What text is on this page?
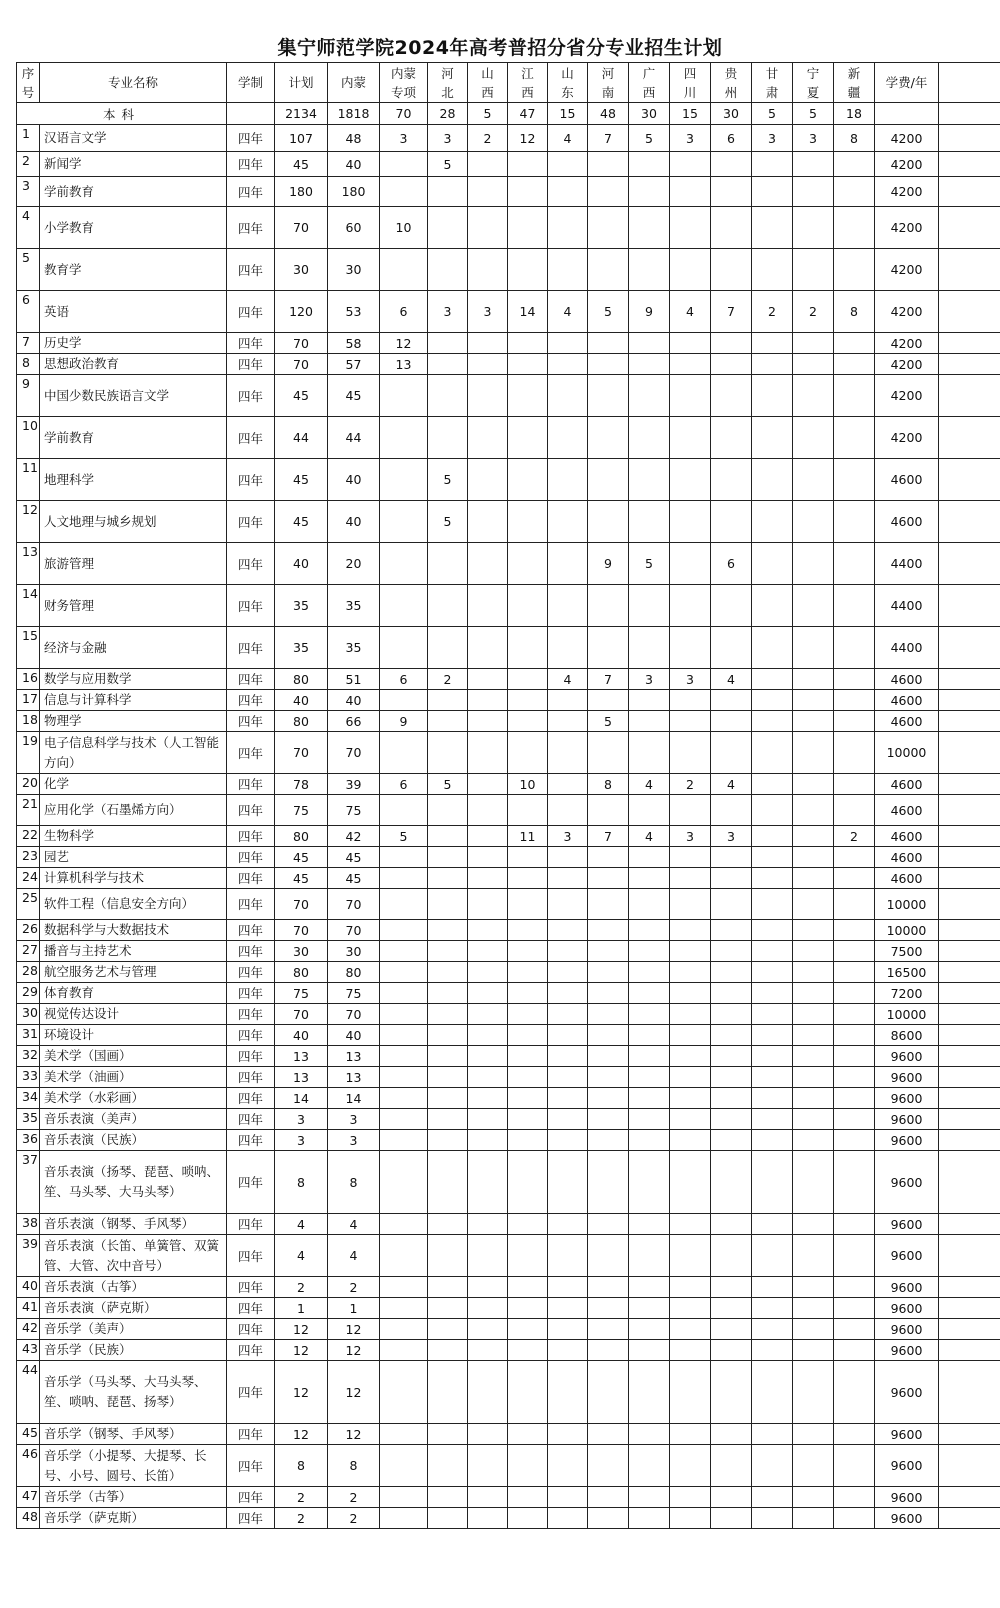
集宁师范学院2024年高考普招分省分专业招生计划
序号	专业名称	学制	计划	内蒙	内蒙专项	河北	山西	江西	山东	河南	广西	四川	贵州	甘肃	宁夏	新疆	学费/年	
本科			2134	1818	70	28	5	47	15	48	30	15	30	5	5	18		
1	汉语言文学	四年	107	48	3	3	2	12	4	7	5	3	6	3	3	8	4200	
2	新闻学	四年	45	40		5											4200	
3	学前教育	四年	180	180													4200	
4	小学教育	四年	70	60	10												4200	
5	教育学	四年	30	30													4200	
6	英语	四年	120	53	6	3	3	14	4	5	9	4	7	2	2	8	4200	
7	历史学	四年	70	58	12												4200	
8	思想政治教育	四年	70	57	13												4200	
9	中国少数民族语言文学	四年	45	45													4200	
10	学前教育	四年	44	44													4200	
11	地理科学	四年	45	40		5											4600	
12	人文地理与城乡规划	四年	45	40		5											4600	
13	旅游管理	四年	40	20						9	5		6				4400	
14	财务管理	四年	35	35													4400	
15	经济与金融	四年	35	35													4400	
16	数学与应用数学	四年	80	51	6	2			4	7	3	3	4				4600	
17	信息与计算科学	四年	40	40													4600	
18	物理学	四年	80	66	9					5							4600	
19	电子信息科学与技术（人工智能方向）	四年	70	70													10000	
20	化学	四年	78	39	6	5		10		8	4	2	4				4600	
21	应用化学（石墨烯方向）	四年	75	75													4600	
22	生物科学	四年	80	42	5			11	3	7	4	3	3			2	4600	
23	园艺	四年	45	45													4600	
24	计算机科学与技术	四年	45	45													4600	
25	软件工程（信息安全方向）	四年	70	70													10000	
26	数据科学与大数据技术	四年	70	70													10000	
27	播音与主持艺术	四年	30	30													7500	
28	航空服务艺术与管理	四年	80	80													16500	
29	体育教育	四年	75	75													7200	
30	视觉传达设计	四年	70	70													10000	
31	环境设计	四年	40	40													8600	
32	美术学（国画）	四年	13	13													9600	
33	美术学（油画）	四年	13	13													9600	
34	美术学（水彩画）	四年	14	14													9600	
35	音乐表演（美声）	四年	3	3													9600	
36	音乐表演（民族）	四年	3	3													9600	
37	音乐表演（扬琴、琵琶、唢呐、笙、马头琴、大马头琴）	四年	8	8													9600	
38	音乐表演（钢琴、手风琴）	四年	4	4													9600	
39	音乐表演（长笛、单簧管、双簧管、大管、次中音号）	四年	4	4													9600	
40	音乐表演（古筝）	四年	2	2													9600	
41	音乐表演（萨克斯）	四年	1	1													9600	
42	音乐学（美声）	四年	12	12													9600	
43	音乐学（民族）	四年	12	12													9600	
44	音乐学（马头琴、大马头琴、笙、唢呐、琵琶、扬琴）	四年	12	12													9600	
45	音乐学（钢琴、手风琴）	四年	12	12													9600	
46	音乐学（小提琴、大提琴、长号、小号、圆号、长笛）	四年	8	8													9600	
47	音乐学（古筝）	四年	2	2													9600	
48	音乐学（萨克斯）	四年	2	2													9600	
